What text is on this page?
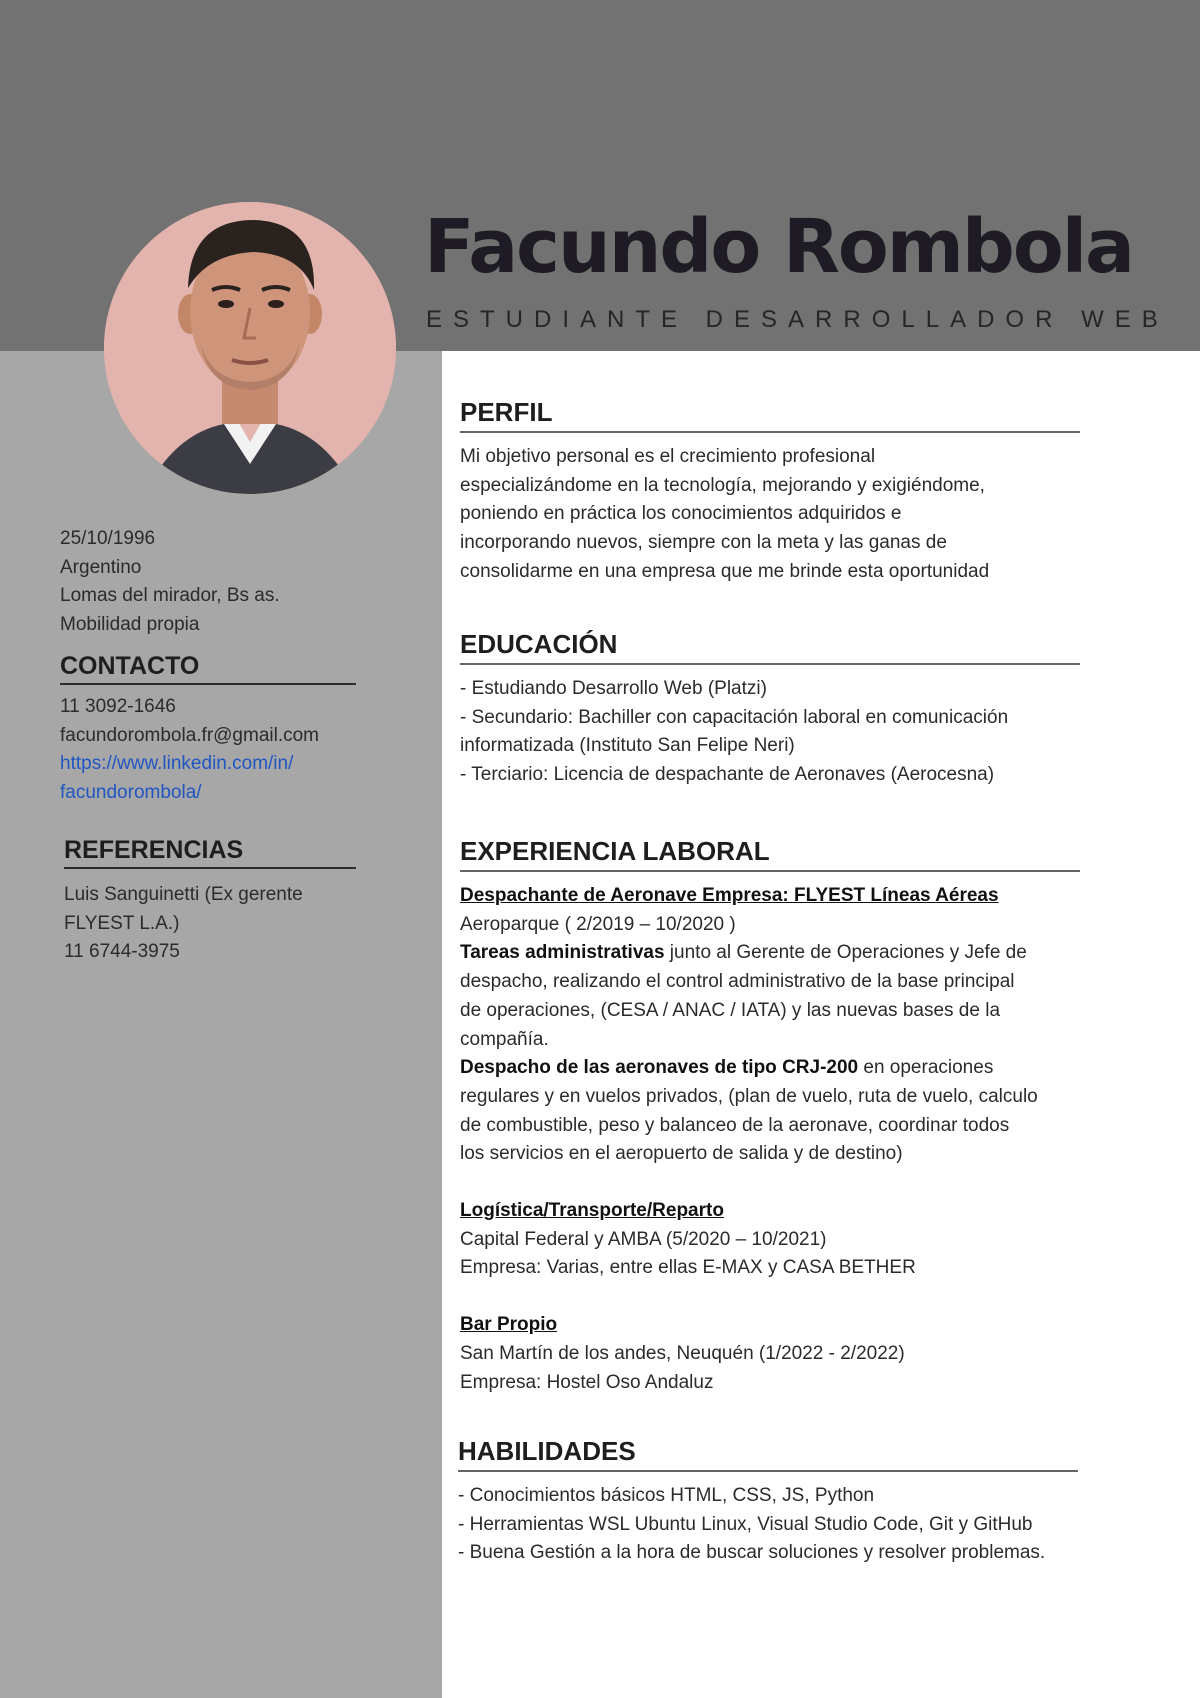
Facundo Rombola
ESTUDIANTE DESARROLLADOR WEB
25/10/1996
Argentino
Lomas del mirador, Bs as.
Mobilidad propia
CONTACTO
11 3092-1646
facundorombola.fr@gmail.com
https://www.linkedin.com/in/
facundorombola/
REFERENCIAS
Luis Sanguinetti (Ex gerente
FLYEST L.A.)
11 6744-3975
PERFIL
Mi objetivo personal es el crecimiento profesional
especializándome en la tecnología, mejorando y exigiéndome,
poniendo en práctica los conocimientos adquiridos e
incorporando nuevos, siempre con la meta y las ganas de
consolidarme en una empresa que me brinde esta oportunidad
EDUCACIÓN
- Estudiando Desarrollo Web (Platzi)
- Secundario: Bachiller con capacitación laboral en comunicación
informatizada (Instituto San Felipe Neri)
- Terciario: Licencia de despachante de Aeronaves (Aerocesna)
EXPERIENCIA LABORAL
Despachante de Aeronave Empresa: FLYEST Líneas Aéreas
Aeroparque ( 2/2019 – 10/2020 )
Tareas administrativas junto al Gerente de Operaciones y Jefe de
despacho, realizando el control administrativo de la base principal
de operaciones, (CESA / ANAC / IATA) y las nuevas bases de la
compañía.
Despacho de las aeronaves de tipo CRJ-200 en operaciones
regulares y en vuelos privados, (plan de vuelo, ruta de vuelo, calculo
de combustible, peso y balanceo de la aeronave, coordinar todos
los servicios en el aeropuerto de salida y de destino)
Logística/Transporte/Reparto
Capital Federal y AMBA (5/2020 – 10/2021)
Empresa: Varias, entre ellas E-MAX y CASA BETHER
Bar Propio
San Martín de los andes, Neuquén (1/2022 - 2/2022)
Empresa: Hostel Oso Andaluz
HABILIDADES
- Conocimientos básicos HTML, CSS, JS, Python
- Herramientas WSL Ubuntu Linux, Visual Studio Code, Git y GitHub
- Buena Gestión a la hora de buscar soluciones y resolver problemas.
